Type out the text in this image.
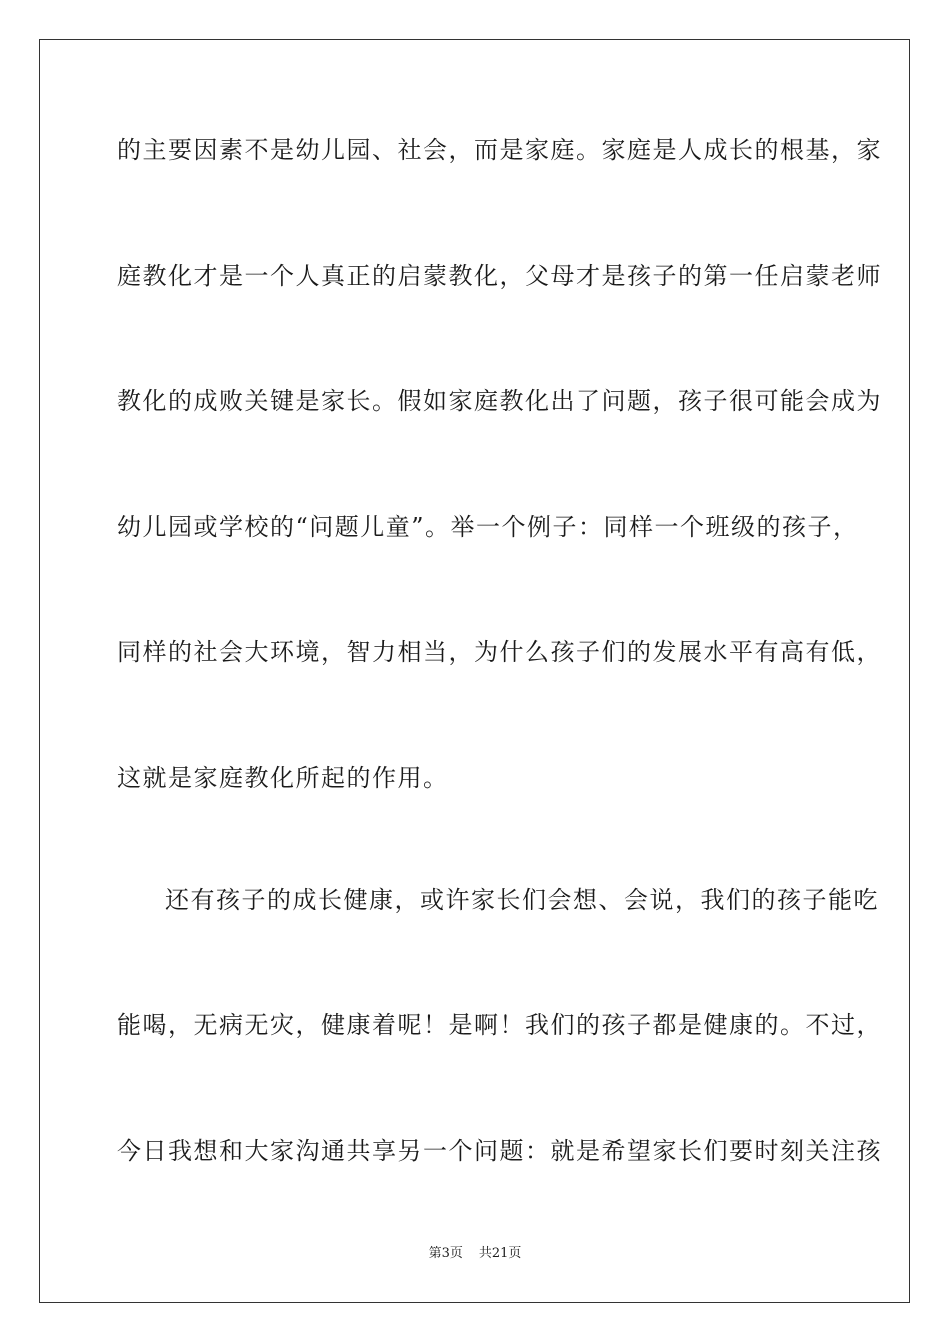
的主要因素不是幼儿园、社会，而是家庭。家庭是人成长的根基，家
庭教化才是一个人真正的启蒙教化，父母才是孩子的第一任启蒙老师
教化的成败关键是家长。假如家庭教化出了问题，孩子很可能会成为
幼儿园或学校的“问题儿童”。举一个例子：同样一个班级的孩子，
同样的社会大环境，智力相当，为什么孩子们的发展水平有高有低，
这就是家庭教化所起的作用。
还有孩子的成长健康，或许家长们会想、会说，我们的孩子能吃
能喝，无病无灾，健康着呢！是啊！我们的孩子都是健康的。不过，
今日我想和大家沟通共享另一个问题：就是希望家长们要时刻关注孩
第3页 共21页
